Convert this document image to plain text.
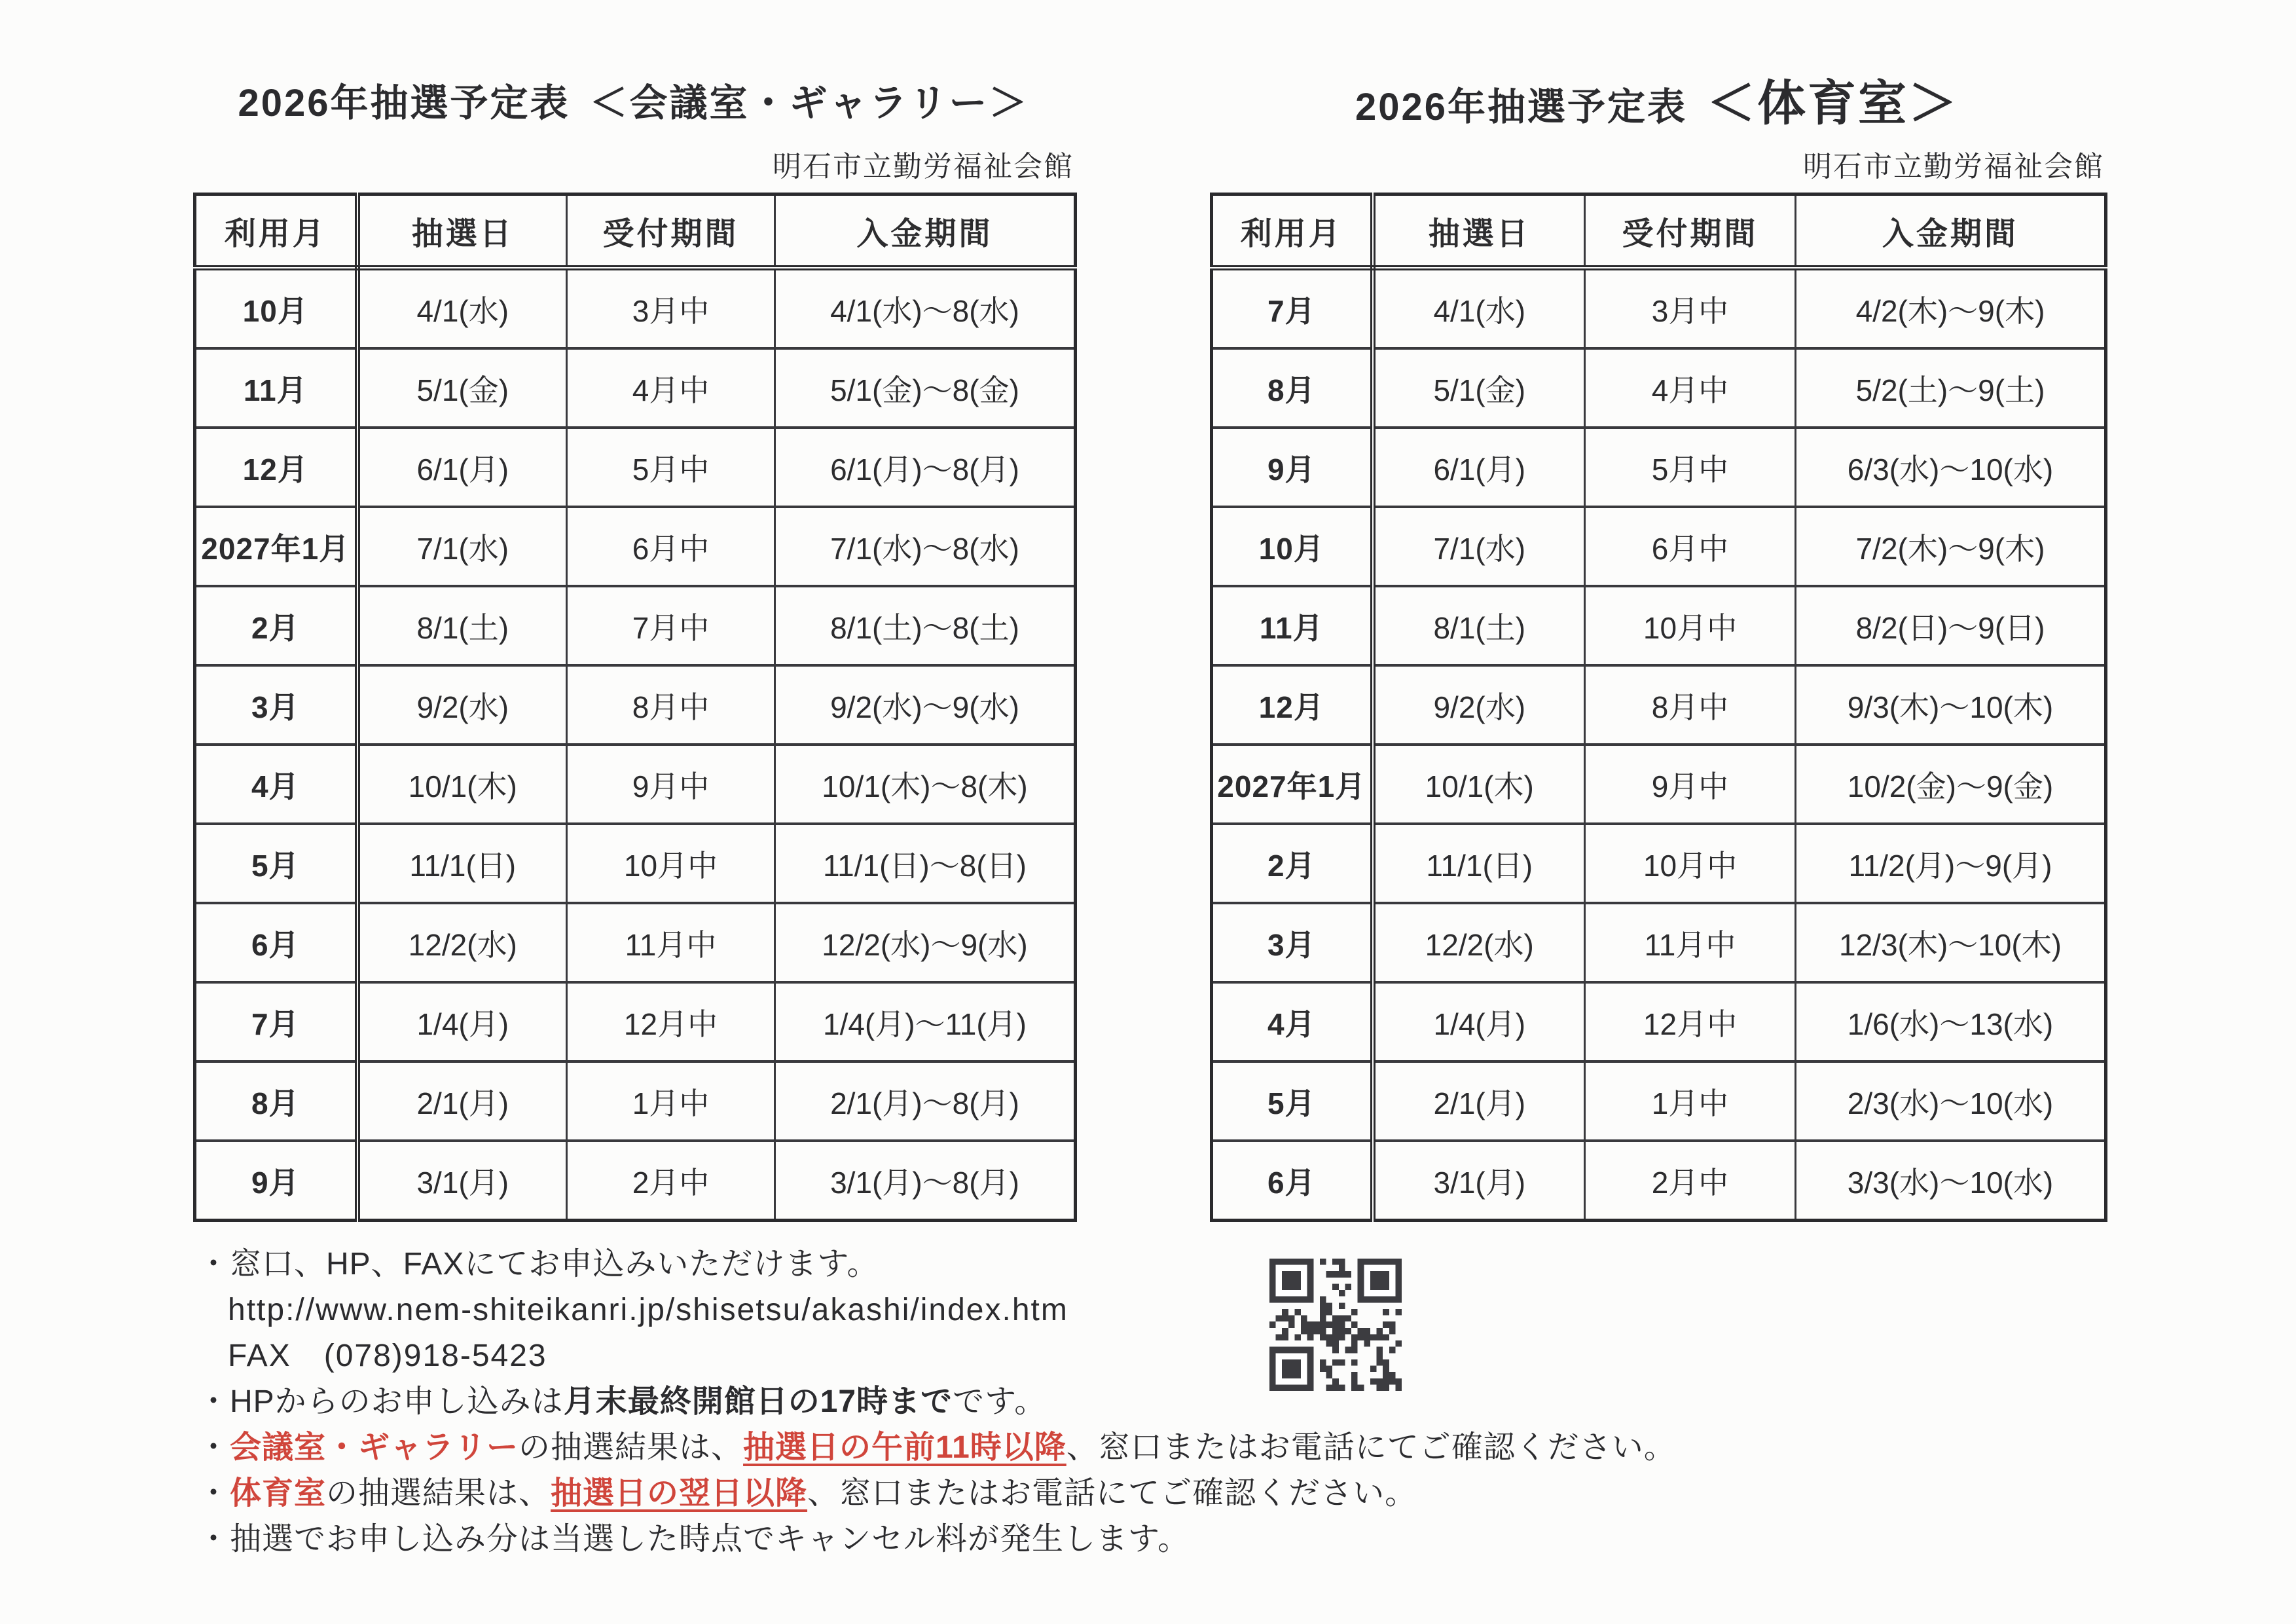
2026年抽選予定表 ＜会議室・ギャラリー＞
明石市立勤労福祉会館
利用月	抽選日	受付期間	入金期間
10月	4/1(水)	3月中	4/1(水)～8(水)
11月	5/1(金)	4月中	5/1(金)～8(金)
12月	6/1(月)	5月中	6/1(月)～8(月)
2027年1月	7/1(水)	6月中	7/1(水)～8(水)
2月	8/1(土)	7月中	8/1(土)～8(土)
3月	9/2(水)	8月中	9/2(水)～9(水)
4月	10/1(木)	9月中	10/1(木)～8(木)
5月	11/1(日)	10月中	11/1(日)～8(日)
6月	12/2(水)	11月中	12/2(水)～9(水)
7月	1/4(月)	12月中	1/4(月)～11(月)
8月	2/1(月)	1月中	2/1(月)～8(月)
9月	3/1(月)	2月中	3/1(月)～8(月)
2026年抽選予定表 ＜体育室＞
明石市立勤労福祉会館
利用月	抽選日	受付期間	入金期間
7月	4/1(水)	3月中	4/2(木)～9(木)
8月	5/1(金)	4月中	5/2(土)～9(土)
9月	6/1(月)	5月中	6/3(水)～10(水)
10月	7/1(水)	6月中	7/2(木)～9(木)
11月	8/1(土)	10月中	8/2(日)～9(日)
12月	9/2(水)	8月中	9/3(木)～10(木)
2027年1月	10/1(木)	9月中	10/2(金)～9(金)
2月	11/1(日)	10月中	11/2(月)～9(月)
3月	12/2(水)	11月中	12/3(木)～10(木)
4月	1/4(月)	12月中	1/6(水)～13(水)
5月	2/1(月)	1月中	2/3(水)～10(水)
6月	3/1(月)	2月中	3/3(水)～10(水)
・窓口、HP、FAXにてお申込みいただけます。
http://www.nem-shiteikanri.jp/shisetsu/akashi/index.htm
FAX　(078)918-5423
・HPからのお申し込みは月末最終開館日の17時までです。
・会議室・ギャラリーの抽選結果は、抽選日の午前11時以降、窓口またはお電話にてご確認ください。
・体育室の抽選結果は、抽選日の翌日以降、窓口またはお電話にてご確認ください。
・抽選でお申し込み分は当選した時点でキャンセル料が発生します。
